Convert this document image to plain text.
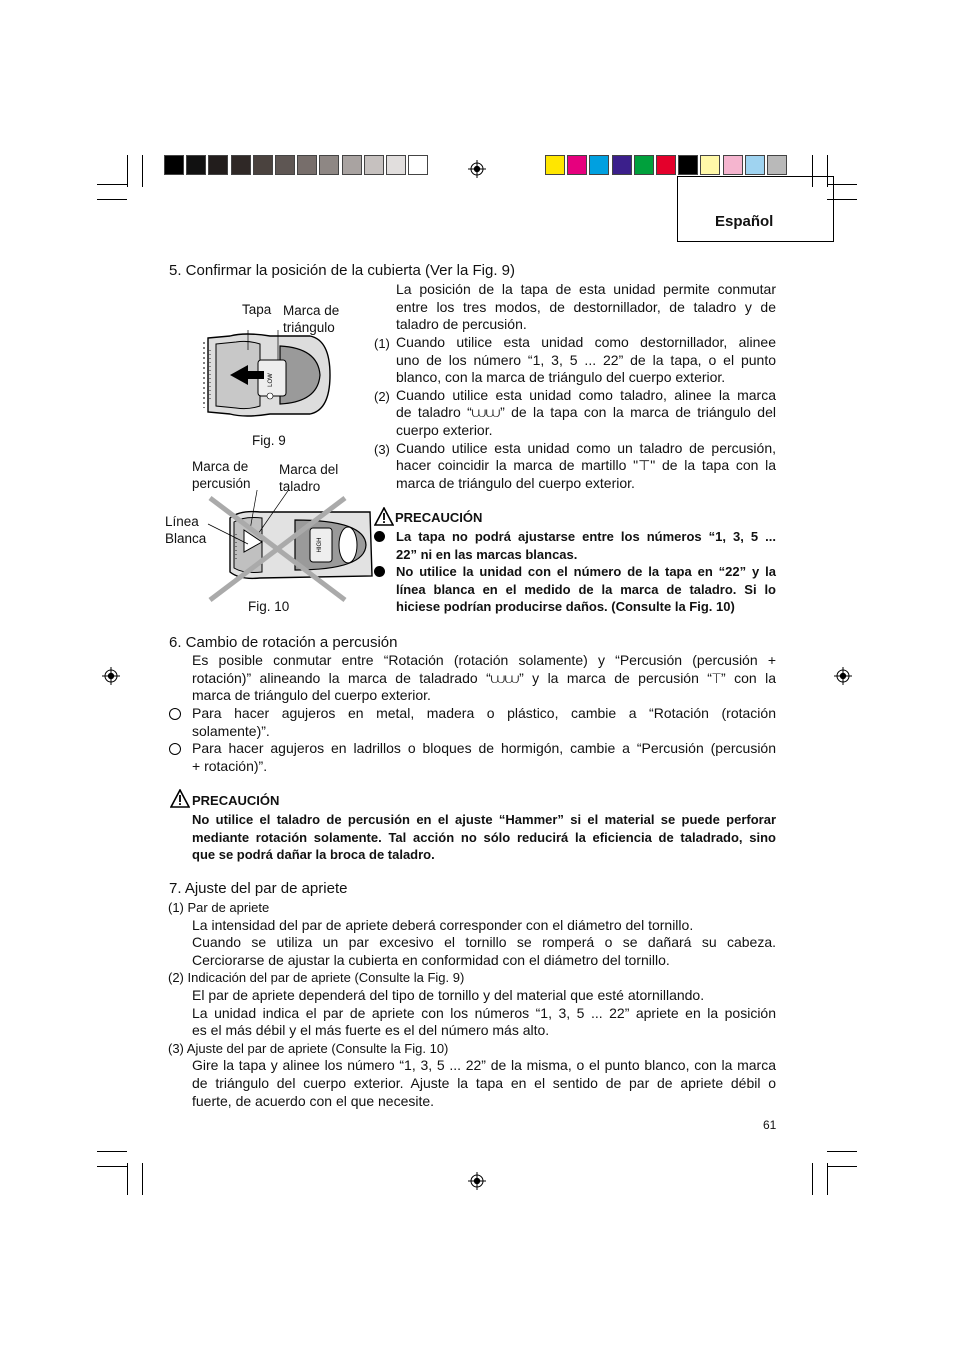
Español
5. Confirmar la posición de la cubierta (Ver la Fig. 9)
La posición de la tapa de esta unidad permite conmutar
entre los tres modos, de destornillador, de taladro y de
taladro de percusión.
(1) Cuando utilice esta unidad como destornillador, alinee
uno de los número “1, 3, 5 ... 22” de la tapa, o el punto
blanco, con la marca de triángulo del cuerpo exterior.
(2) Cuando utilice esta unidad como taladro, alinee la marca
de taladro “⩊⩊” de la tapa con la marca de triángulo del
cuerpo exterior.
(3) Cuando utilice esta unidad como un taladro de percusión,
hacer coincidir la marca de martillo "⊤" de la tapa con la
marca de triángulo del cuerpo exterior.
PRECAUCIÓN
La tapa no podrá ajustarse entre los números “1, 3, 5 ...
22” ni en las marcas blancas.
No utilice la unidad con el número de la tapa en “22” y la
línea blanca en el medido de la marca de taladro. Si lo
hiciese podrían producirse daños. (Consulte la Fig. 10)
Tapa Marca de
triángulo
LOW
Fig. 9
Marca de
percusión
Marca del
taladro
Línea
Blanca	HIGH
Fig. 10
6. Cambio de rotación a percusión
Es posible conmutar entre “Rotación (rotación solamente) y “Percusión (percusión +
rotación)” alineando la marca de taladrado “⩊⩊” y la marca de percusión “⊤” con la
marca de triángulo del cuerpo exterior.
Para hacer agujeros en metal, madera o plástico, cambie a “Rotación (rotación
solamente)”.
Para hacer agujeros en ladrillos o bloques de hormigón, cambie a “Percusión (percusión
+ rotación)”.
PRECAUCIÓN
No utilice el taladro de percusión en el ajuste “Hammer” si el material se puede perforar
mediante rotación solamente. Tal acción no sólo reducirá la eficiencia de taladrado, sino
que se podrá dañar la broca de taladro.
7. Ajuste del par de apriete
(1) Par de apriete
La intensidad del par de apriete deberá corresponder con el diámetro del tornillo.
Cuando se utiliza un par excesivo el tornillo se romperá o se dañará su cabeza.
Cerciorarse de ajustar la cubierta en conformidad con el diámetro del tornillo.
(2) Indicación del par de apriete (Consulte la Fig. 9)
El par de apriete dependerá del tipo de tornillo y del material que esté atornillando.
La unidad indica el par de apriete con los números “1, 3, 5 ... 22” apriete en la posición
es el más débil y el más fuerte es el del número más alto.
(3) Ajuste del par de apriete (Consulte la Fig. 10)
Gire la tapa y alinee los número “1, 3, 5 ... 22” de la misma, o el punto blanco, con la marca
de triángulo del cuerpo exterior. Ajuste la tapa en el sentido de par de apriete débil o
fuerte, de acuerdo con el que necesite.
61
